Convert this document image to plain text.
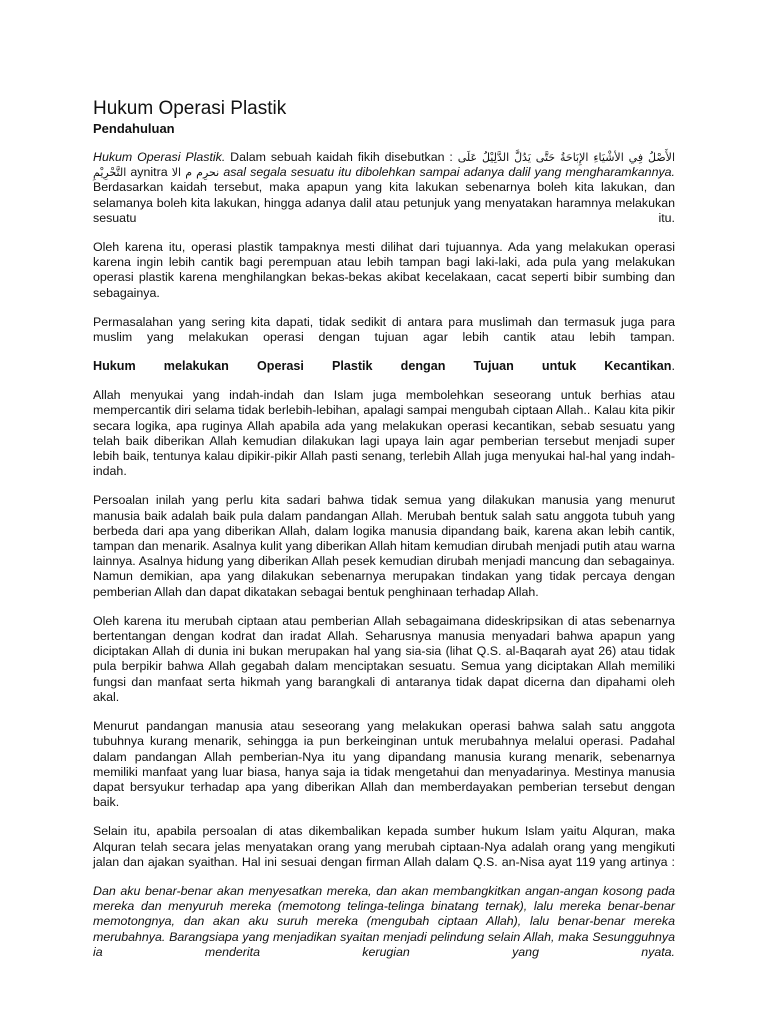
Hukum Operasi Plastik
Pendahuluan

Hukum Operasi Plastik. Dalam sebuah kaidah fikih disebutkan : الأَصْلُ فِي الأشْيَاءِ الإِبَاحَةُ حَتَّى يَدُلَّ الدَّلِيْلُ عَلَى التَّحْرِيْمِ aynitra نحرِم م الا asal segala sesuatu itu dibolehkan sampai adanya dalil yang mengharamkannya. Berdasarkan kaidah tersebut, maka apapun yang kita lakukan sebenarnya boleh kita lakukan, dan selamanya boleh kita lakukan, hingga adanya dalil atau petunjuk yang menyatakan haramnya melakukan sesuatu itu.

Oleh karena itu, operasi plastik tampaknya mesti dilihat dari tujuannya. Ada yang melakukan operasi karena ingin lebih cantik bagi perempuan atau lebih tampan bagi laki-laki, ada pula yang melakukan operasi plastik karena menghilangkan bekas-bekas akibat kecelakaan, cacat seperti bibir sumbing dan sebagainya.

Permasalahan yang sering kita dapati, tidak sedikit di antara para muslimah dan termasuk juga para muslim yang melakukan operasi dengan tujuan agar lebih cantik atau lebih tampan.

Hukum melakukan Operasi Plastik dengan Tujuan untuk Kecantikan.

Allah menyukai yang indah-indah dan Islam juga membolehkan seseorang untuk berhias atau mempercantik diri selama tidak berlebih-lebihan, apalagi sampai mengubah ciptaan Allah.. Kalau kita pikir secara logika, apa ruginya Allah apabila ada yang melakukan operasi kecantikan, sebab sesuatu yang telah baik diberikan Allah kemudian dilakukan lagi upaya lain agar pemberian tersebut menjadi super lebih baik, tentunya kalau dipikir-pikir Allah pasti senang, terlebih Allah juga menyukai hal-hal yang indah-indah.

Persoalan inilah yang perlu kita sadari bahwa tidak semua yang dilakukan manusia yang menurut manusia baik adalah baik pula dalam pandangan Allah. Merubah bentuk salah satu anggota tubuh yang berbeda dari apa yang diberikan Allah, dalam logika manusia dipandang baik, karena akan lebih cantik, tampan dan menarik. Asalnya kulit yang diberikan Allah hitam kemudian dirubah menjadi putih atau warna lainnya. Asalnya hidung yang diberikan Allah pesek kemudian dirubah menjadi mancung dan sebagainya. Namun demikian, apa yang dilakukan sebenarnya merupakan tindakan yang tidak percaya dengan pemberian Allah dan dapat dikatakan sebagai bentuk penghinaan terhadap Allah.

Oleh karena itu merubah ciptaan atau pemberian Allah sebagaimana dideskripsikan di atas sebenarnya bertentangan dengan kodrat dan iradat Allah. Seharusnya manusia menyadari bahwa apapun yang diciptakan Allah di dunia ini bukan merupakan hal yang sia-sia (lihat Q.S. al-Baqarah ayat 26) atau tidak pula berpikir bahwa Allah gegabah dalam menciptakan sesuatu. Semua yang diciptakan Allah memiliki fungsi dan manfaat serta hikmah yang barangkali di antaranya tidak dapat dicerna dan dipahami oleh akal.

Menurut pandangan manusia atau seseorang yang melakukan operasi bahwa salah satu anggota tubuhnya kurang menarik, sehingga ia pun berkeinginan untuk merubahnya melalui operasi. Padahal dalam pandangan Allah pemberian-Nya itu yang dipandang manusia kurang menarik, sebenarnya memiliki manfaat yang luar biasa, hanya saja ia tidak mengetahui dan menyadarinya. Mestinya manusia dapat bersyukur terhadap apa yang diberikan Allah dan memberdayakan pemberian tersebut dengan baik.

Selain itu, apabila persoalan di atas dikembalikan kepada sumber hukum Islam yaitu Alquran, maka Alquran telah secara jelas menyatakan orang yang merubah ciptaan-Nya adalah orang yang mengikuti jalan dan ajakan syaithan. Hal ini sesuai dengan firman Allah dalam Q.S. an-Nisa ayat 119 yang artinya :

Dan aku benar-benar akan menyesatkan mereka, dan akan membangkitkan angan-angan kosong pada mereka dan menyuruh mereka (memotong telinga-telinga binatang ternak), lalu mereka benar-benar memotongnya, dan akan aku suruh mereka (mengubah ciptaan Allah), lalu benar-benar mereka merubahnya. Barangsiapa yang menjadikan syaitan menjadi pelindung selain Allah, maka Sesungguhnya ia menderita kerugian yang nyata.
